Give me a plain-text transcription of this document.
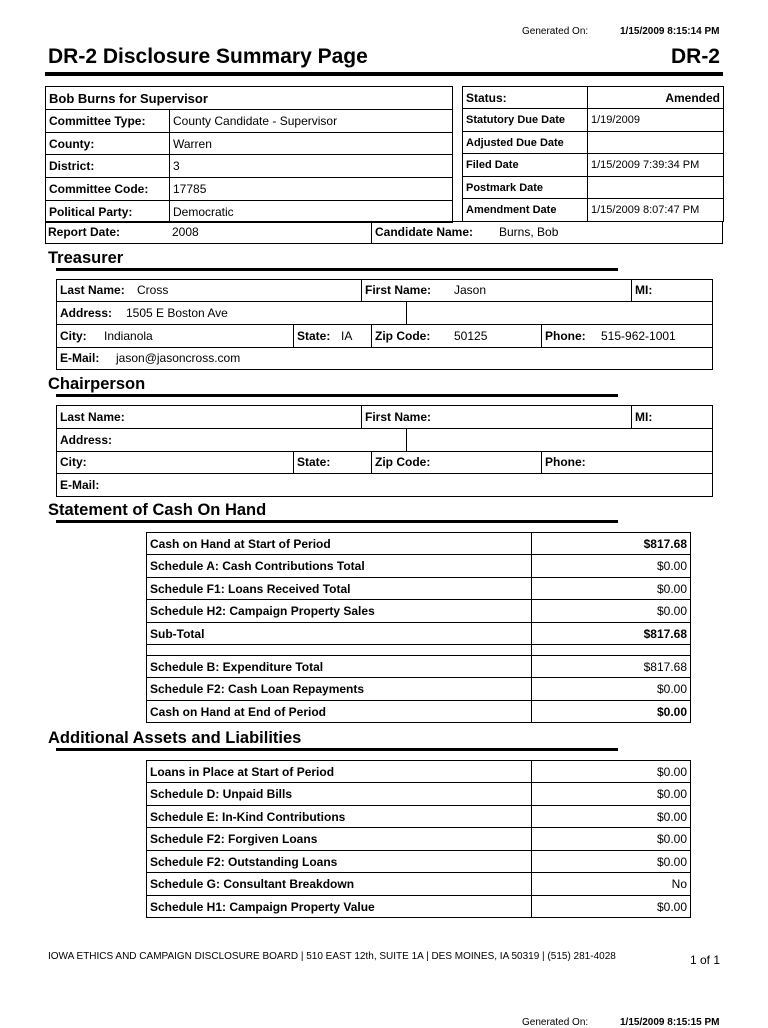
Generated On:	1/15/2009 8:15:14 PM
DR-2 Disclosure Summary Page	DR-2
Bob Burns for Supervisor	
Committee Type:	County Candidate - Supervisor
County:	Warren
District:	3
Committee Code:	17785
Political Party:	Democratic
Report Date:	2008	Candidate Name: Burns, Bob
Status:	Amended
Statutory Due Date	1/19/2009
Adjusted Due Date	
Filed Date	1/15/2009 7:39:34 PM
Postmark Date	
Amendment Date	1/15/2009 8:07:47 PM
Treasurer
Last Name: Cross	First Name: Jason	MI:
Address: 1505 E Boston Ave
City: Indianola	State: IA Zip Code: 50125	Phone: 515-962-1001
E-Mail: jason@jasoncross.com
Chairperson
Last Name:	First Name:	MI:
Address:
City:	State:	Zip Code:	Phone:
E-Mail:
Statement of Cash On Hand
Cash on Hand at Start of Period	$817.68
Schedule A: Cash Contributions Total	$0.00
Schedule F1: Loans Received Total	$0.00
Schedule H2: Campaign Property Sales	$0.00
Sub-Total	$817.68

Schedule B: Expenditure Total	$817.68
Schedule F2: Cash Loan Repayments	$0.00
Cash on Hand at End of Period	$0.00
Additional Assets and Liabilities
Loans in Place at Start of Period	$0.00
Schedule D: Unpaid Bills	$0.00
Schedule E: In-Kind Contributions	$0.00
Schedule F2: Forgiven Loans	$0.00
Schedule F2: Outstanding Loans	$0.00
Schedule G: Consultant Breakdown	No
Schedule H1: Campaign Property Value	$0.00
IOWA ETHICS AND CAMPAIGN DISCLOSURE BOARD | 510 EAST 12th, SUITE 1A | DES MOINES, IA 50319 | (515) 281-4028	1 of 1
Generated On:	1/15/2009 8:15:15 PM
